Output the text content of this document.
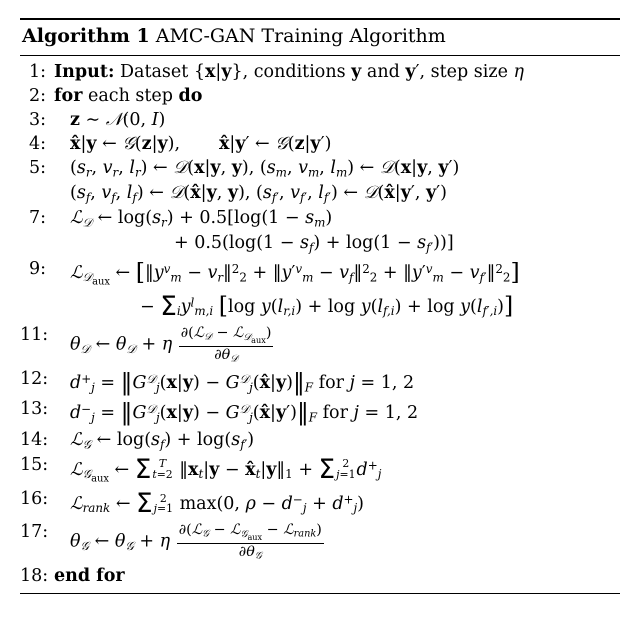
Algorithm 1 AMC-GAN Training Algorithm
1: Input: Dataset {x|y}, conditions y and y′, step size η
2: for each step do
3:	z ∼ 𝒩(0, I)
4:	x̂|y ← 𝒢(z|y),       x̂|y′ ← 𝒢(z|y′)
5:	($s_r$, $v_r$, $l_r$) ← 𝒟(x|y, y), ($s_m$, $v_m$, $l_m$) ← 𝒟(x|y, y′)
($s_f$, $v_f$, $l_f$) ← 𝒟(x̂|y, y), ($s_{f'}$, $v_{f'}$, $l_{f'}$) ← 𝒟(x̂|y′, y′)
7:	ℒ$_𝒟$ ← $\log(s_r) + 0.5[\log(1 - s_m)$
+ $0.5(\log(1 - s_f) + \log(1 - s_{f'}))$]
9:	ℒ$_{𝒟_{aux}}$ ← [$‖y^v_m$ − $v_r‖^2_2$ + $‖y'^v_m$ − $v_f‖^2_2$ + $‖y'^v_m$ − $v_{f'}‖^2_2$]
− $\Sigma_iy^l_{m,i}$ [log $y(l_{r,i}) + \log y(l_{f,i}) + \log y(l_{f',i})$]
11:	$\theta_𝒟$ ← $\theta_𝒟 + \eta \frac{\partial(ℒ_𝒟 - ℒ_{𝒟_{aux}})}{\partial\theta_𝒟}$
12:	$d^+_j$ = $‖G^𝒟_j(x|y)$ − $G^𝒟_j(x̂|y)‖_F$ for j = 1, 2
13:	$d^-_j$ = $‖G^𝒟_j(x|y)$ − $G^𝒟_j(x̂|y')‖_F$ for j = 1, 2
14:	ℒ$_𝒢$ ← $\log(s_f) + \log(s_{f'})$
15:	ℒ$_{𝒢_{aux}}$ ← Σ T
t=2 $‖x_t|y$ − $x̂_t|y‖_1 + \Sigma$ 2
j=1 $d^+_j$
16:	ℒ$_{rank}$ ← Σ 2
j=1 max(0, $\rho - d^-_j + d^+_j$)
17:	$\theta_𝒢$ ← $\theta_𝒢 + \eta \frac{\partial(ℒ_𝒢 - ℒ_{𝒢_{aux}} - ℒ_{rank})}{\partial\theta_𝒢}$
18: end for
